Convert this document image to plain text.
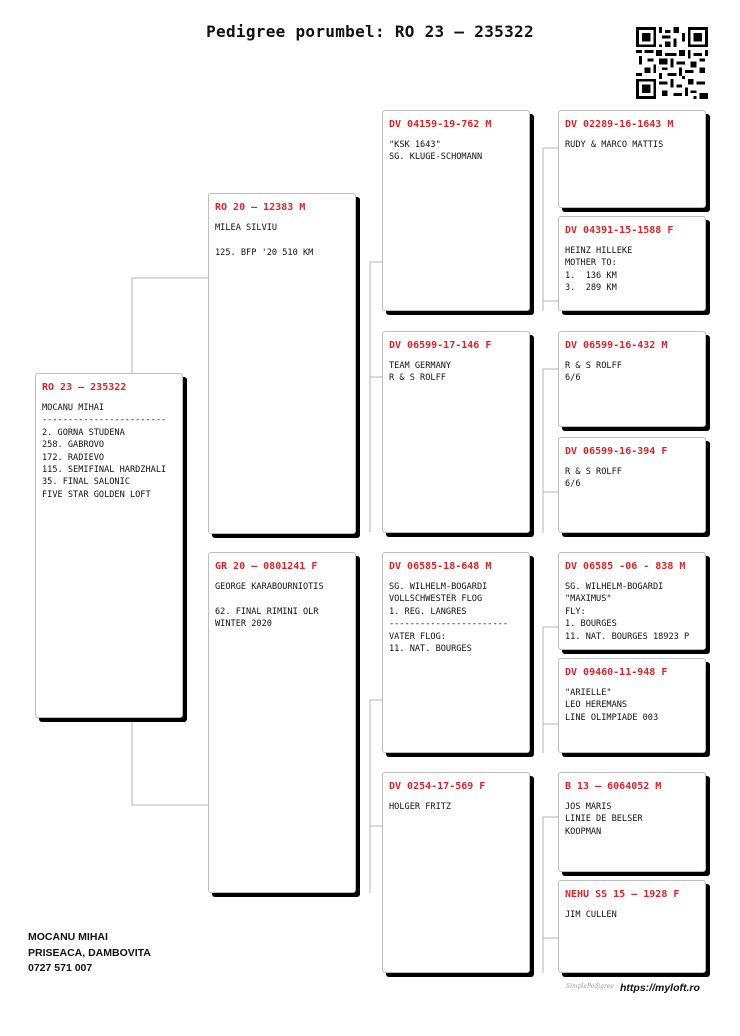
Pedigree porumbel: RO 23 – 235322
RO 23 – 235322
MOCANU MIHAI
------------------------
2. GORNA STUDENA
258. GABROVO
172. RADIEVO
115. SEMIFINAL HARDZHALI
35. FINAL SALONIC
FIVE STAR GOLDEN LOFT
RO 20 – 12383 M
MILEA SILVIU

125. BFP '20 510 KM
GR 20 – 0801241 F
GEORGE KARABOURNIOTIS

62. FINAL RIMINI OLR
WINTER 2020
DV 04159-19-762 M
"KSK 1643"
SG. KLUGE-SCHOMANN
DV 06599-17-146 F
TEAM GERMANY
R & S ROLFF
DV 06585-18-648 M
SG. WILHELM-BOGARDI
VOLLSCHWESTER FLOG
1. REG. LANGRES
-----------------------
VATER FLOG:
11. NAT. BOURGES
DV 0254-17-569 F
HOLGER FRITZ
DV 02289-16-1643 M
RUDY & MARCO MATTIS
DV 04391-15-1588 F
HEINZ HILLEKE
MOTHER TO:
1.  136 KM
3.  289 KM
DV 06599-16-432 M
R & S ROLFF
6/6
DV 06599-16-394 F
R & S ROLFF
6/6
DV 06585 -06 - 838 M
SG. WILHELM-BOGARDI
"MAXIMUS"
FLY:
1. BOURGES
11. NAT. BOURGES 18923 P
DV 09460-11-948 F
"ARIELLE"
LEO HEREMANS
LINE OLIMPIADE 003
B 13 – 6064052 M
JOS MARIS
LINIE DE BELSER
KOOPMAN
NEHU SS 15 – 1928 F
JIM CULLEN
MOCANU MIHAI
PRISEACA, DAMBOVITA
0727 571 007
SimplePedigree https://myloft.ro
